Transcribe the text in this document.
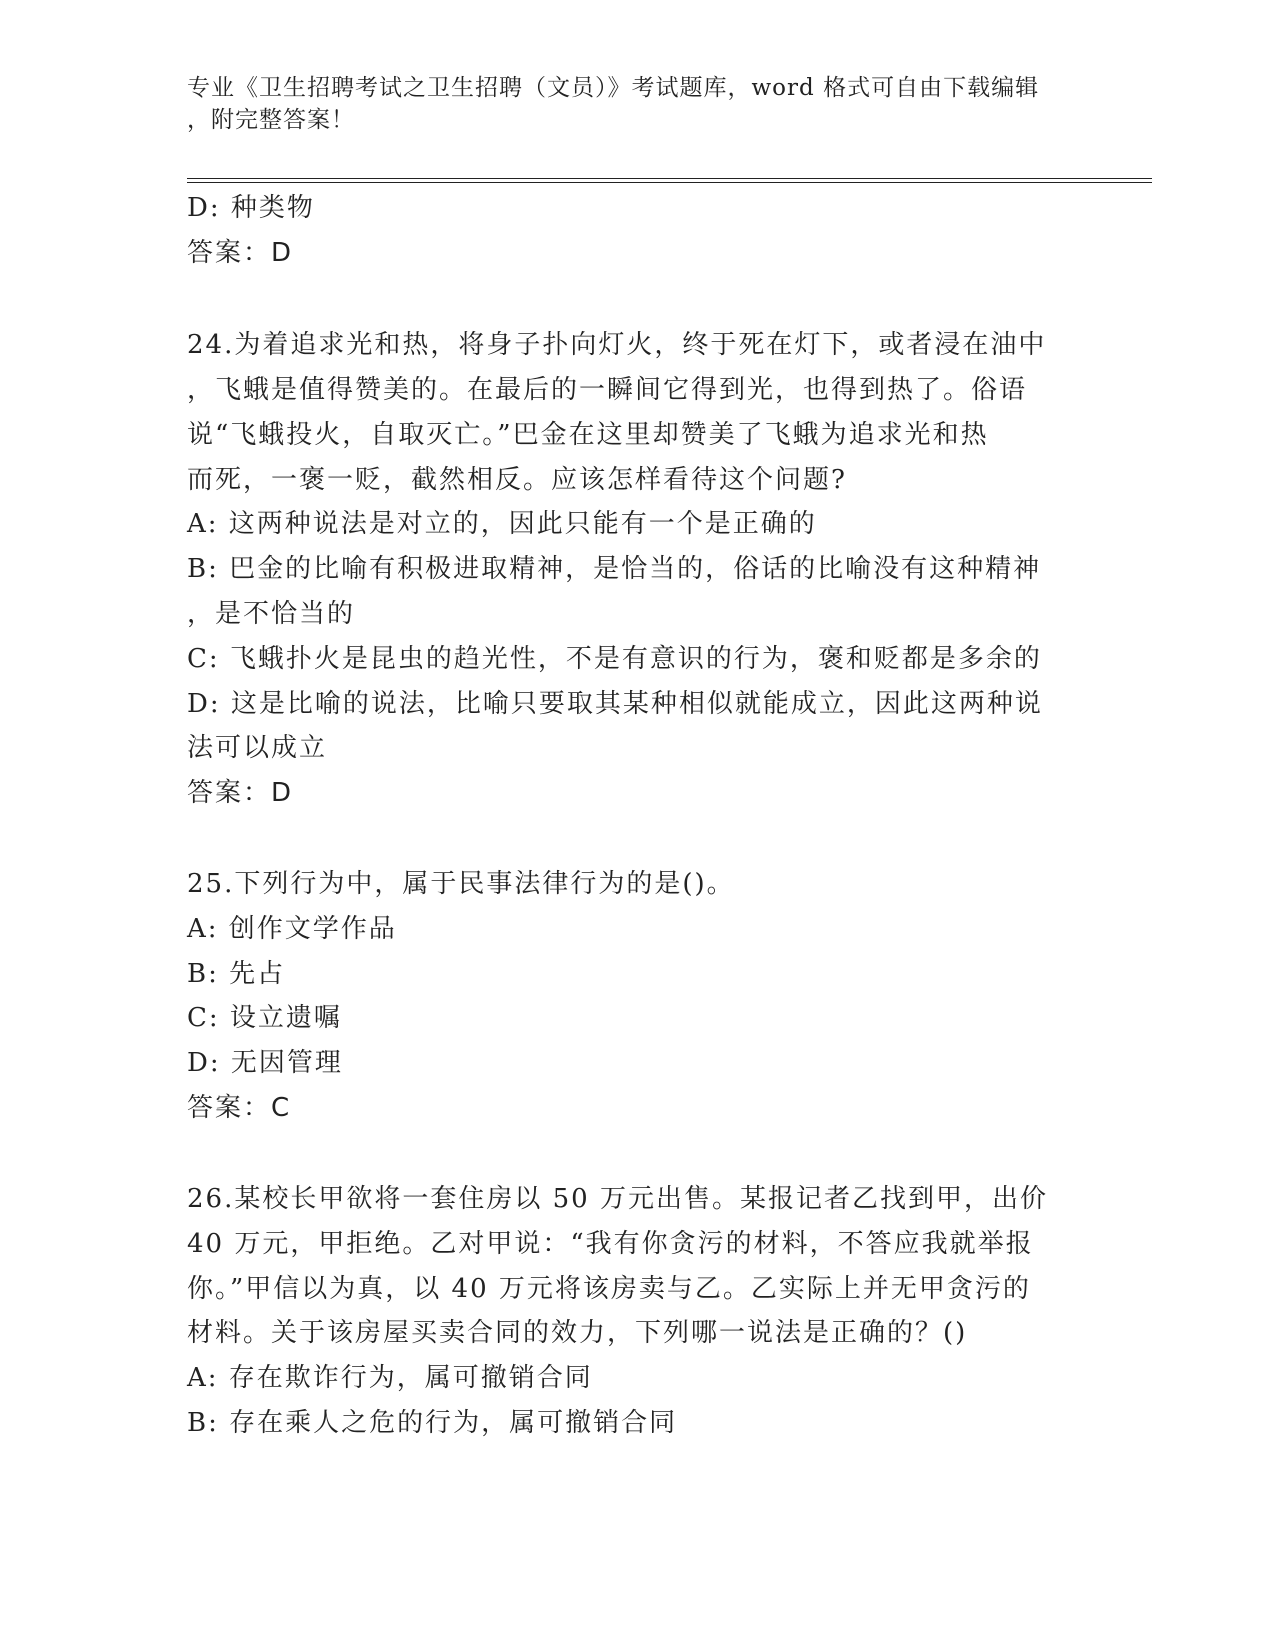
专业《卫生招聘考试之卫生招聘（文员）》考试题库，word 格式可自由下载编辑
，附完整答案！
D: 种类物
答案：D
24.为着追求光和热，将身子扑向灯火，终于死在灯下，或者浸在油中
，飞蛾是值得赞美的。在最后的一瞬间它得到光，也得到热了。俗语
说“飞蛾投火，自取灭亡。”巴金在这里却赞美了飞蛾为追求光和热
而死，一褒一贬，截然相反。应该怎样看待这个问题?
A: 这两种说法是对立的，因此只能有一个是正确的
B: 巴金的比喻有积极进取精神，是恰当的，俗话的比喻没有这种精神
，是不恰当的
C: 飞蛾扑火是昆虫的趋光性，不是有意识的行为，褒和贬都是多余的
D: 这是比喻的说法，比喻只要取其某种相似就能成立，因此这两种说
法可以成立
答案：D
25.下列行为中，属于民事法律行为的是()。
A: 创作文学作品
B: 先占
C: 设立遗嘱
D: 无因管理
答案：C
26.某校长甲欲将一套住房以 50 万元出售。某报记者乙找到甲，出价
40 万元，甲拒绝。乙对甲说：“我有你贪污的材料，不答应我就举报
你。”甲信以为真，以 40 万元将该房卖与乙。乙实际上并无甲贪污的
材料。关于该房屋买卖合同的效力，下列哪一说法是正确的？()
A: 存在欺诈行为，属可撤销合同
B: 存在乘人之危的行为，属可撤销合同
